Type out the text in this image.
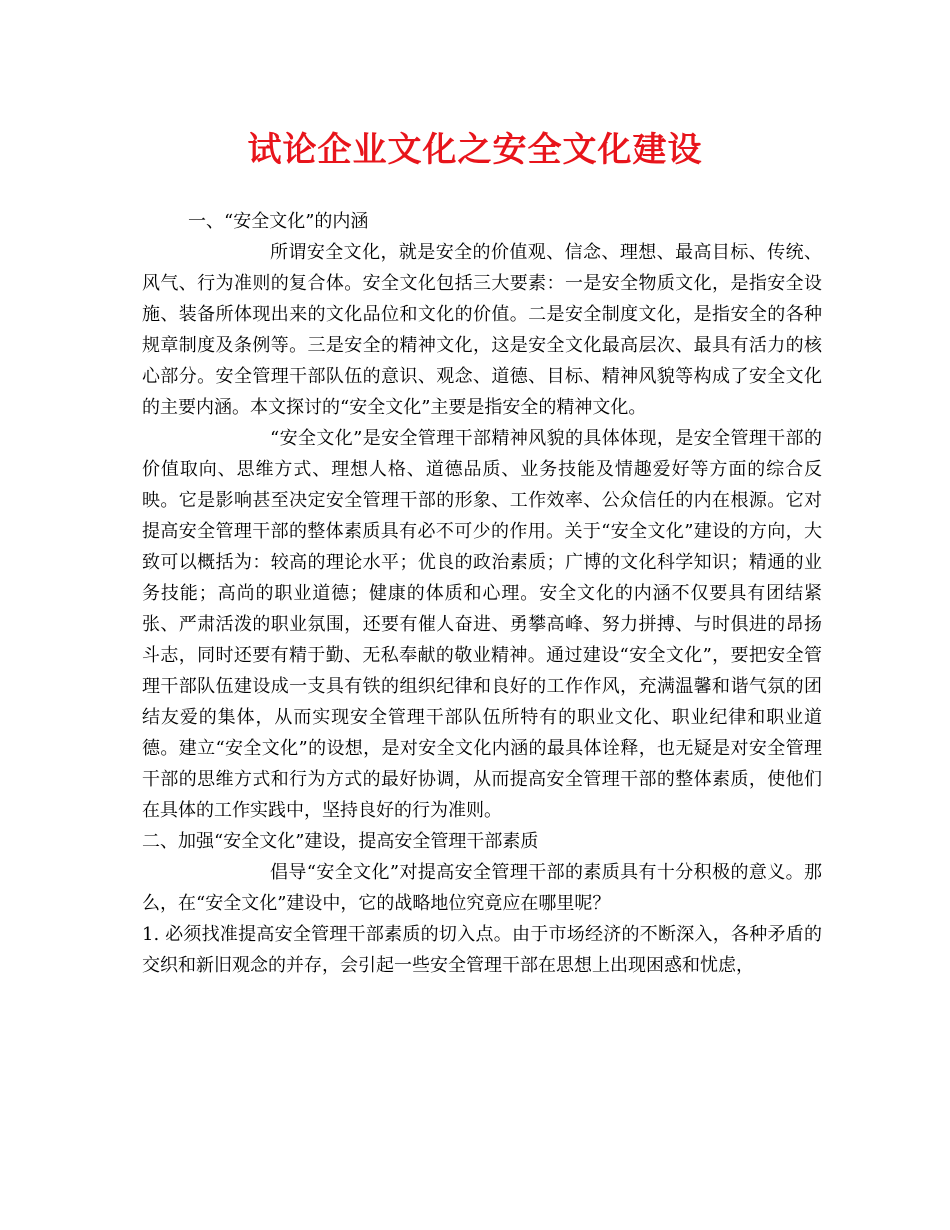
试论企业文化之安全文化建设

一、“安全文化”的内涵

所谓安全文化，就是安全的价值观、信念、理想、最高目标、传统、风气、行为准则的复合体。安全文化包括三大要素：一是安全物质文化，是指安全设施、装备所体现出来的文化品位和文化的价值。二是安全制度文化，是指安全的各种规章制度及条例等。三是安全的精神文化，这是安全文化最高层次、最具有活力的核心部分。安全管理干部队伍的意识、观念、道德、目标、精神风貌等构成了安全文化的主要内涵。本文探讨的“安全文化”主要是指安全的精神文化。

“安全文化”是安全管理干部精神风貌的具体体现，是安全管理干部的价值取向、思维方式、理想人格、道德品质、业务技能及情趣爱好等方面的综合反映。它是影响甚至决定安全管理干部的形象、工作效率、公众信任的内在根源。它对提高安全管理干部的整体素质具有必不可少的作用。关于“安全文化”建设的方向，大致可以概括为：较高的理论水平；优良的政治素质；广博的文化科学知识；精通的业务技能；高尚的职业道德；健康的体质和心理。安全文化的内涵不仅要具有团结紧张、严肃活泼的职业氛围，还要有催人奋进、勇攀高峰、努力拼搏、与时俱进的昂扬斗志，同时还要有精于勤、无私奉献的敬业精神。通过建设“安全文化”，要把安全管理干部队伍建设成一支具有铁的组织纪律和良好的工作作风，充满温馨和谐气氛的团结友爱的集体，从而实现安全管理干部队伍所特有的职业文化、职业纪律和职业道德。建立“安全文化”的设想，是对安全文化内涵的最具体诠释，也无疑是对安全管理干部的思维方式和行为方式的最好协调，从而提高安全管理干部的整体素质，使他们在具体的工作实践中，坚持良好的行为准则。

二、加强“安全文化”建设，提高安全管理干部素质

倡导“安全文化”对提高安全管理干部的素质具有十分积极的意义。那么，在“安全文化”建设中，它的战略地位究竟应在哪里呢？

1. 必须找准提高安全管理干部素质的切入点。由于市场经济的不断深入，各种矛盾的交织和新旧观念的并存，会引起一些安全管理干部在思想上出现困惑和忧虑，
